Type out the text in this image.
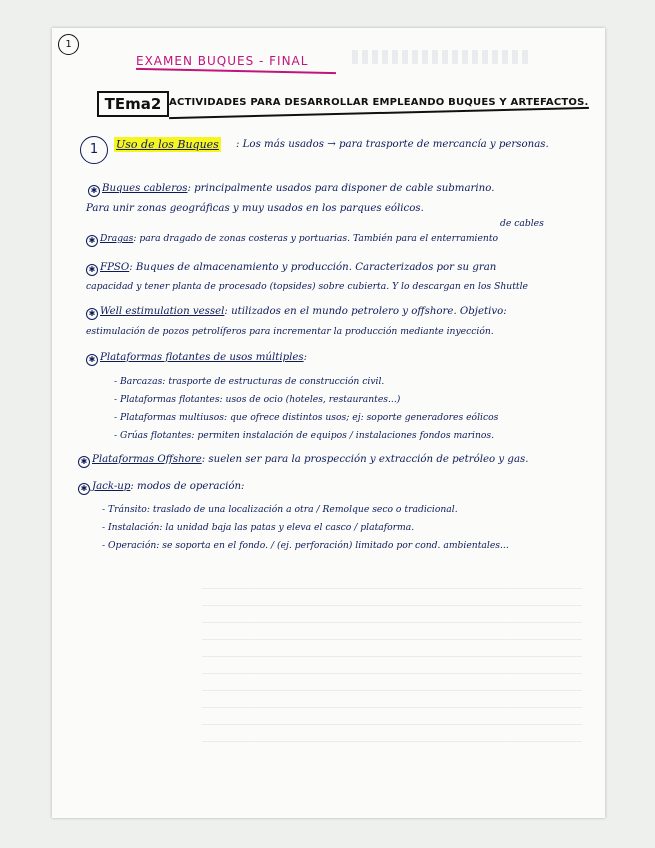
1
EXAMEN BUQUES - FINAL
TEma2 ACTIVIDADES PARA DESARROLLAR EMPLEANDO BUQUES Y ARTEFACTOS.
1	Uso de los Buques : Los más usados → para trasporte de mercancía y personas.
✱ Buques cableros: principalmente usados para disponer de cable submarino.
Para unir zonas geográficas y muy usados en los parques eólicos.
de cables
✱ Dragas: para dragado de zonas costeras y portuarias. También para el enterramiento
✱ FPSO: Buques de almacenamiento y producción. Caracterizados por su gran
capacidad y tener planta de procesado (topsides) sobre cubierta. Y lo descargan en los Shuttle
✱ Well estimulation vessel: utilizados en el mundo petrolero y offshore. Objetivo:
estimulación de pozos petrolíferos para incrementar la producción mediante inyección.
✱ Plataformas flotantes de usos múltiples:
- Barcazas: trasporte de estructuras de construcción civil.
- Plataformas flotantes: usos de ocio (hoteles, restaurantes...)
- Plataformas multiusos: que ofrece distintos usos; ej: soporte generadores eólicos
- Grúas flotantes: permiten instalación de equipos / instalaciones fondos marinos.
✱ Plataformas Offshore: suelen ser para la prospección y extracción de petróleo y gas.
✱ Jack-up: modos de operación:
- Tránsito: traslado de una localización a otra / Remolque seco o tradicional.
- Instalación: la unidad baja las patas y eleva el casco / plataforma.
- Operación: se soporta en el fondo. / (ej. perforación) limitado por cond. ambientales...
